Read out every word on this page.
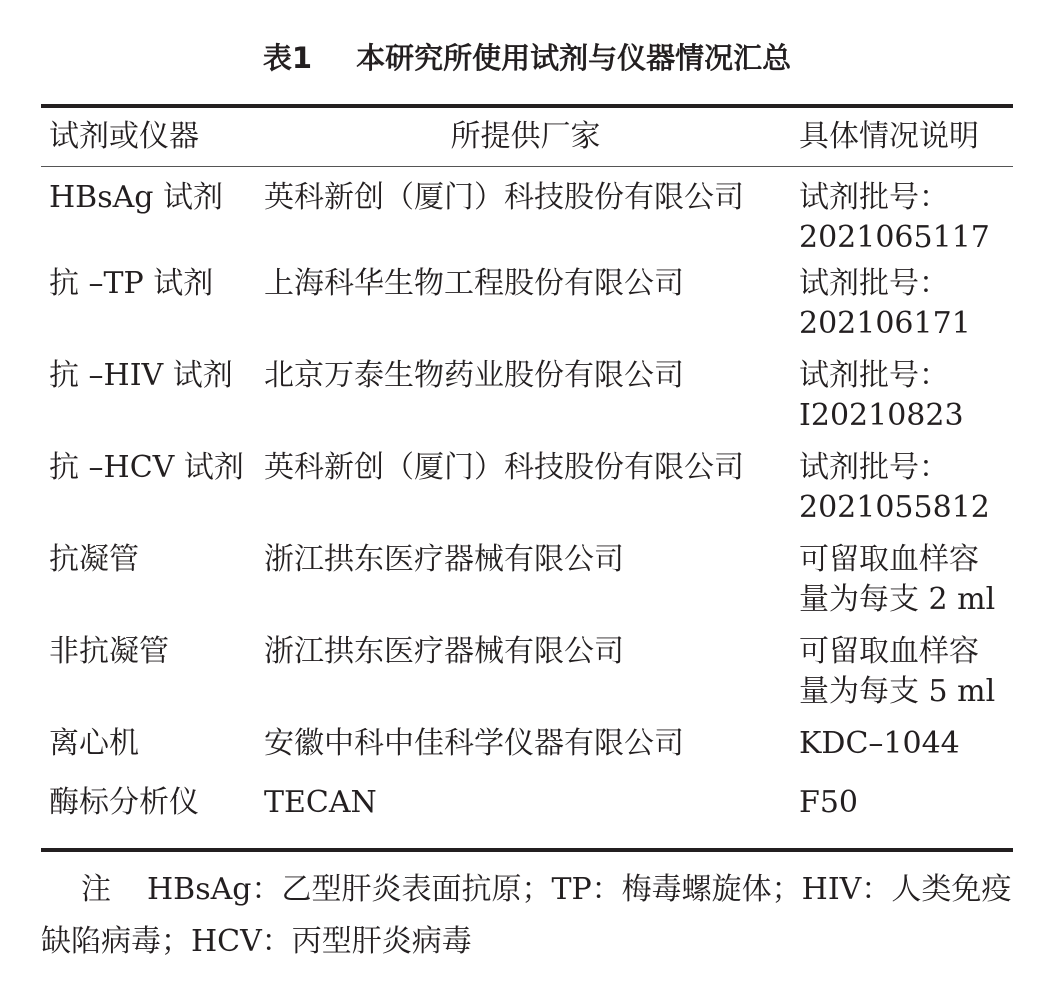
表1 本研究所使用试剂与仪器情况汇总
试剂或仪器	所提供厂家	具体情况说明
HBsAg 试剂	英科新创（厦门）科技股份有限公司	试剂批号：
2021065117

抗 –TP 试剂	上海科华生物工程股份有限公司	试剂批号：
202106171

抗 –HIV 试剂	北京万泰生物药业股份有限公司	试剂批号：
I20210823

抗 –HCV 试剂	英科新创（厦门）科技股份有限公司	试剂批号：
2021055812

抗凝管	浙江拱东医疗器械有限公司	可留取血样容
量为每支 2 ml

非抗凝管	浙江拱东医疗器械有限公司	可留取血样容
量为每支 5 ml

离心机	安徽中科中佳科学仪器有限公司	KDC–1044

酶标分析仪	TECAN	F50
注 HBsAg：乙型肝炎表面抗原；TP：梅毒螺旋体；HIV：人类免疫缺陷病毒；HCV：丙型肝炎病毒
